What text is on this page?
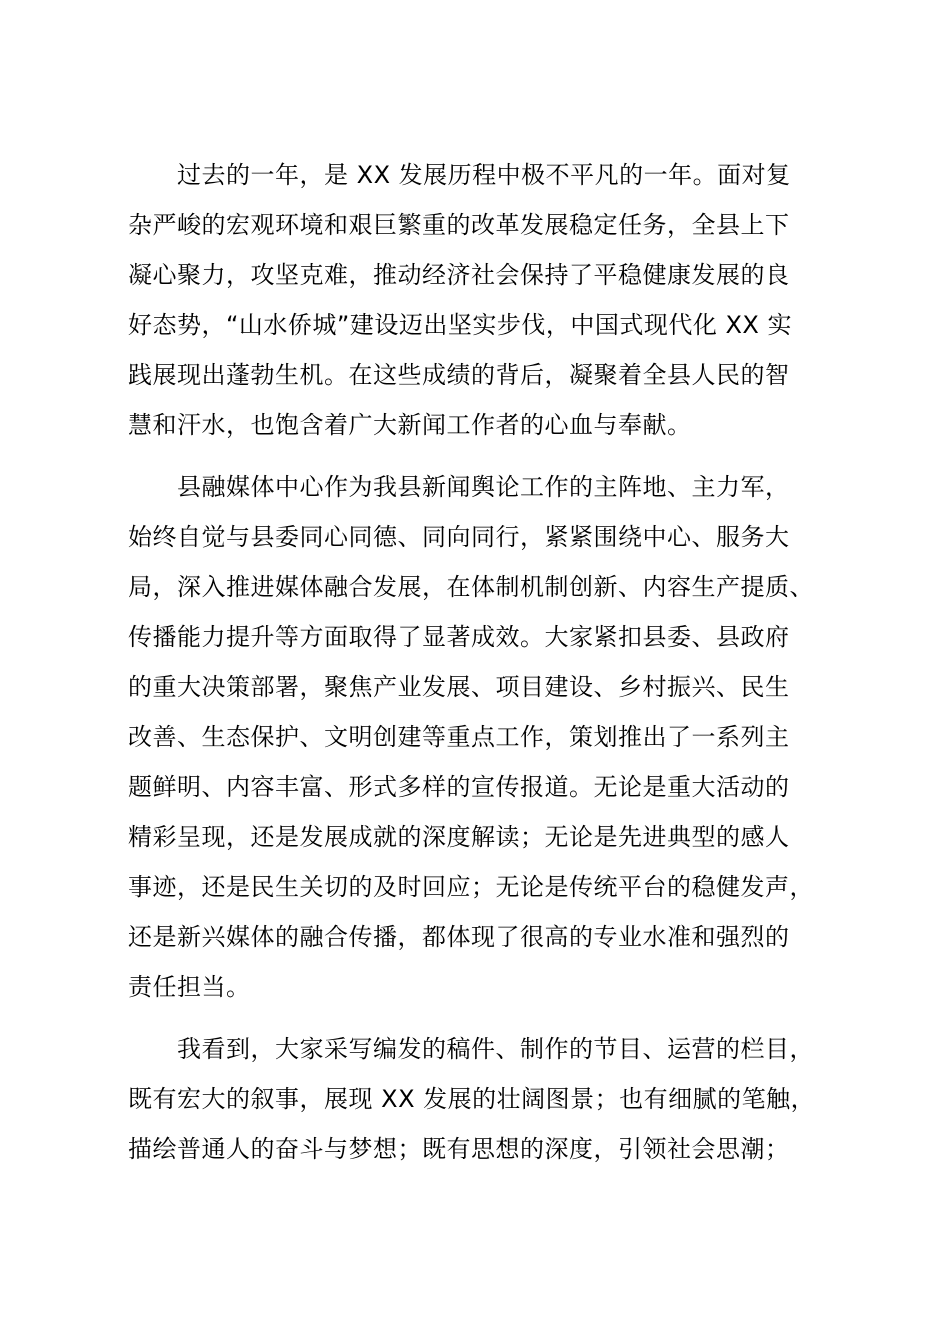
过去的一年，是 XX 发展历程中极不平凡的一年。面对复
杂严峻的宏观环境和艰巨繁重的改革发展稳定任务，全县上下
凝心聚力，攻坚克难，推动经济社会保持了平稳健康发展的良
好态势，“山水侨城”建设迈出坚实步伐，中国式现代化 XX 实
践展现出蓬勃生机。在这些成绩的背后，凝聚着全县人民的智
慧和汗水，也饱含着广大新闻工作者的心血与奉献。

县融媒体中心作为我县新闻舆论工作的主阵地、主力军，
始终自觉与县委同心同德、同向同行，紧紧围绕中心、服务大
局，深入推进媒体融合发展，在体制机制创新、内容生产提质、
传播能力提升等方面取得了显著成效。大家紧扣县委、县政府
的重大决策部署，聚焦产业发展、项目建设、乡村振兴、民生
改善、生态保护、文明创建等重点工作，策划推出了一系列主
题鲜明、内容丰富、形式多样的宣传报道。无论是重大活动的
精彩呈现，还是发展成就的深度解读；无论是先进典型的感人
事迹，还是民生关切的及时回应；无论是传统平台的稳健发声，
还是新兴媒体的融合传播，都体现了很高的专业水准和强烈的
责任担当。

我看到，大家采写编发的稿件、制作的节目、运营的栏目，
既有宏大的叙事，展现 XX 发展的壮阔图景；也有细腻的笔触，
描绘普通人的奋斗与梦想；既有思想的深度，引领社会思潮；
